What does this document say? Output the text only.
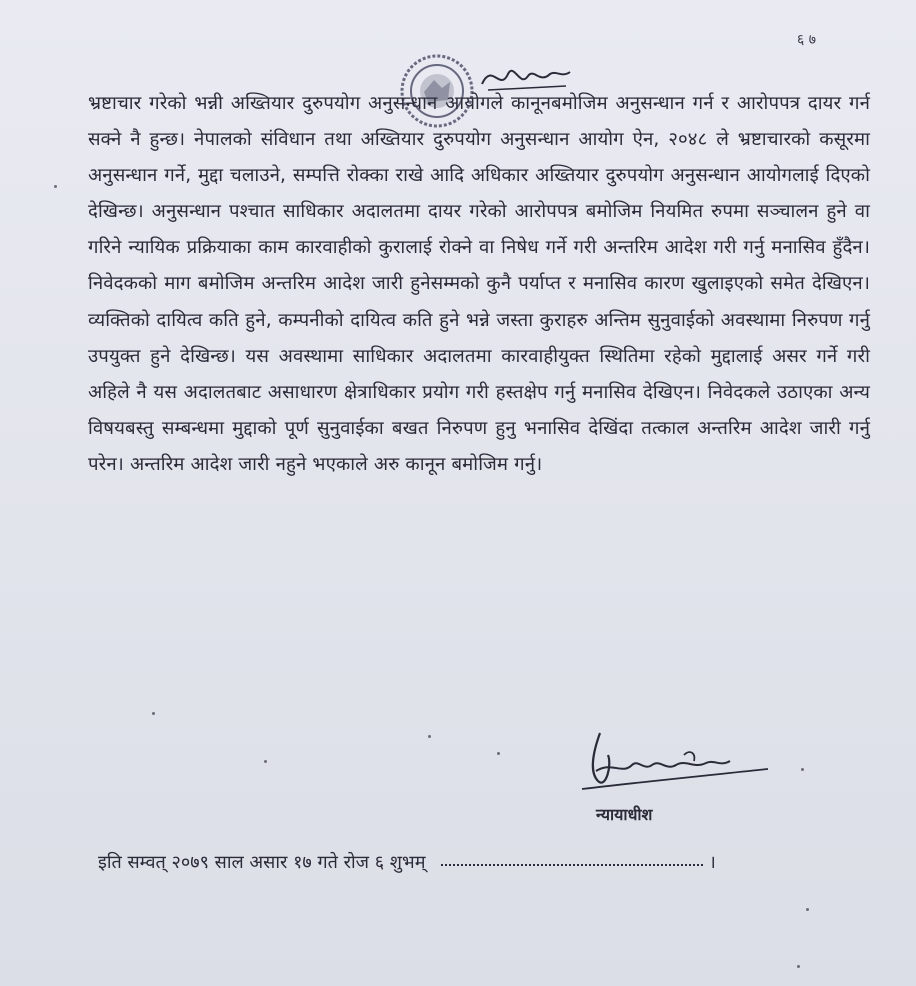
६ ७

भ्रष्टाचार गरेको भन्नी अख्तियार दुरुपयोग अनुसन्धान आयोगले कानूनबमोजिम अनुसन्धान गर्न र आरोपपत्र दायर गर्न सक्ने नै हुन्छ। नेपालको संविधान तथा अख्तियार दुरुपयोग अनुसन्धान आयोग ऐन, २०४८ ले भ्रष्टाचारको कसूरमा अनुसन्धान गर्ने, मुद्दा चलाउने, सम्पत्ति रोक्का राखे आदि अधिकार अख्तियार दुरुपयोग अनुसन्धान आयोगलाई दिएको देखिन्छ। अनुसन्धान पश्चात साधिकार अदालतमा दायर गरेको आरोपपत्र बमोजिम नियमित रुपमा सञ्चालन हुने वा गरिने न्यायिक प्रक्रियाका काम कारवाहीको कुरालाई रोक्ने वा निषेध गर्ने गरी अन्तरिम आदेश गरी गर्नु मनासिव हुँदैन। निवेदकको माग बमोजिम अन्तरिम आदेश जारी हुनेसम्मको कुनै पर्याप्त र मनासिव कारण खुलाइएको समेत देखिएन। व्यक्तिको दायित्व कति हुने, कम्पनीको दायित्व कति हुने भन्ने जस्ता कुराहरु अन्तिम सुनुवाईको अवस्थामा निरुपण गर्नु उपयुक्त हुने देखिन्छ। यस अवस्थामा साधिकार अदालतमा कारवाहीयुक्त स्थितिमा रहेको मुद्दालाई असर गर्ने गरी अहिले नै यस अदालतबाट असाधारण क्षेत्राधिकार प्रयोग गरी हस्तक्षेप गर्नु मनासिव देखिएन। निवेदकले उठाएका अन्य विषयबस्तु सम्बन्धमा मुद्दाको पूर्ण सुनुवाईका बखत निरुपण हुनु भनासिव देखिंदा तत्काल अन्तरिम आदेश जारी गर्नु परेन। अन्तरिम आदेश जारी नहुने भएकाले अरु कानून बमोजिम गर्नु।

न्यायाधीश
इति सम्वत् २०७९ साल असार १७ गते रोज ६ शुभम्	।
